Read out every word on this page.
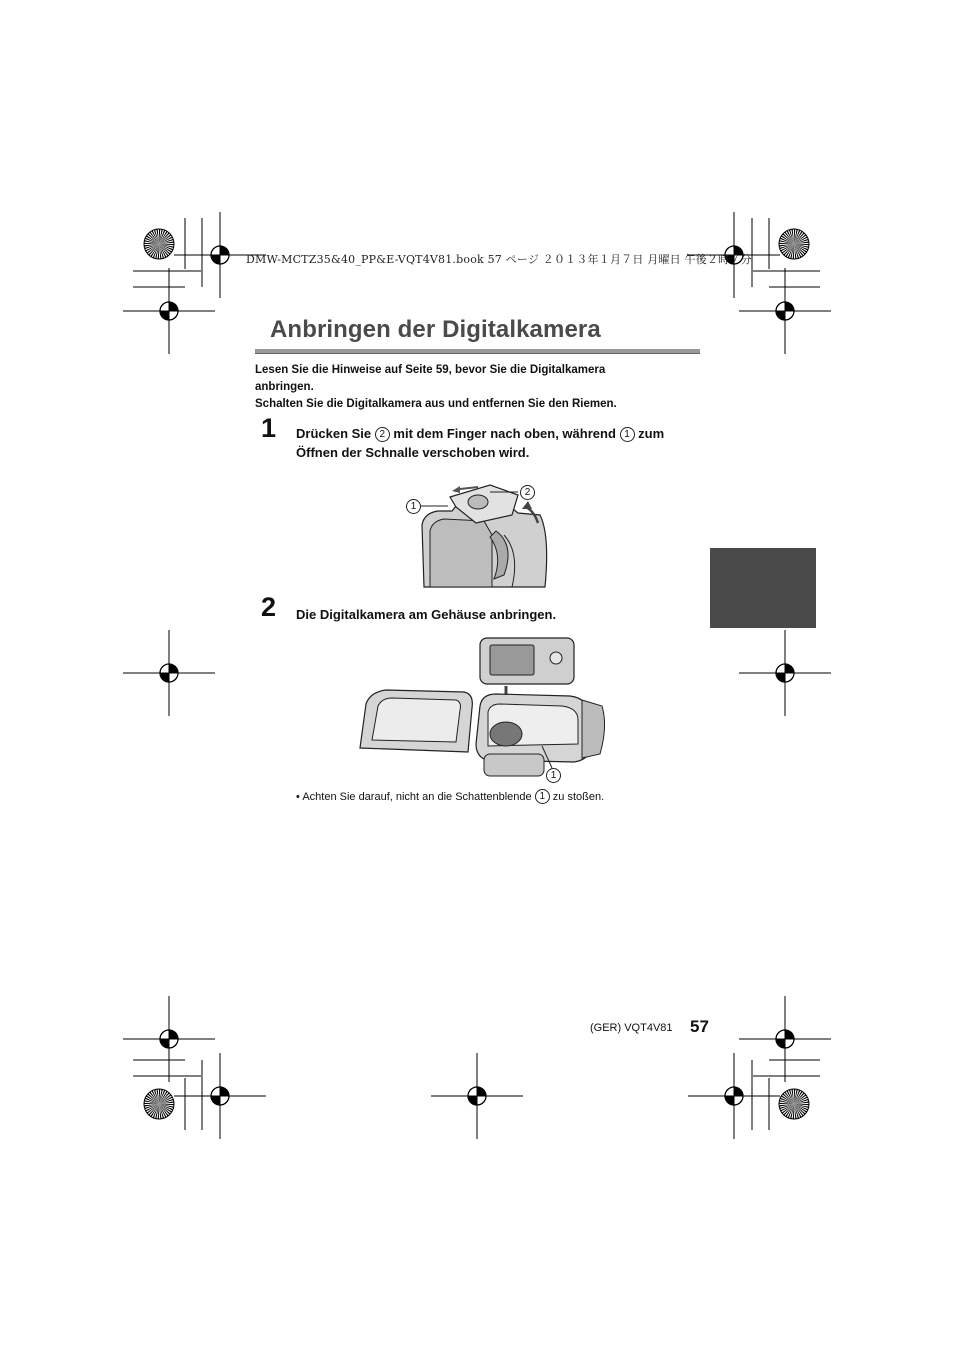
DMW-MCTZ35&40_PP&E-VQT4V81.book 57 ページ ２０１３年１月７日 月曜日 午後２時７分
Anbringen der Digitalkamera
Lesen Sie die Hinweise auf Seite 59, bevor Sie die Digitalkamera
anbringen.
Schalten Sie die Digitalkamera aus und entfernen Sie den Riemen.
1 Drücken Sie 2 mit dem Finger nach oben, während 1 zum Öffnen der Schnalle verschoben wird.
1
2
2 Die Digitalkamera am Gehäuse anbringen.
1
• Achten Sie darauf, nicht an die Schattenblende 1 zu stoßen.
(GER) VQT4V81 57
